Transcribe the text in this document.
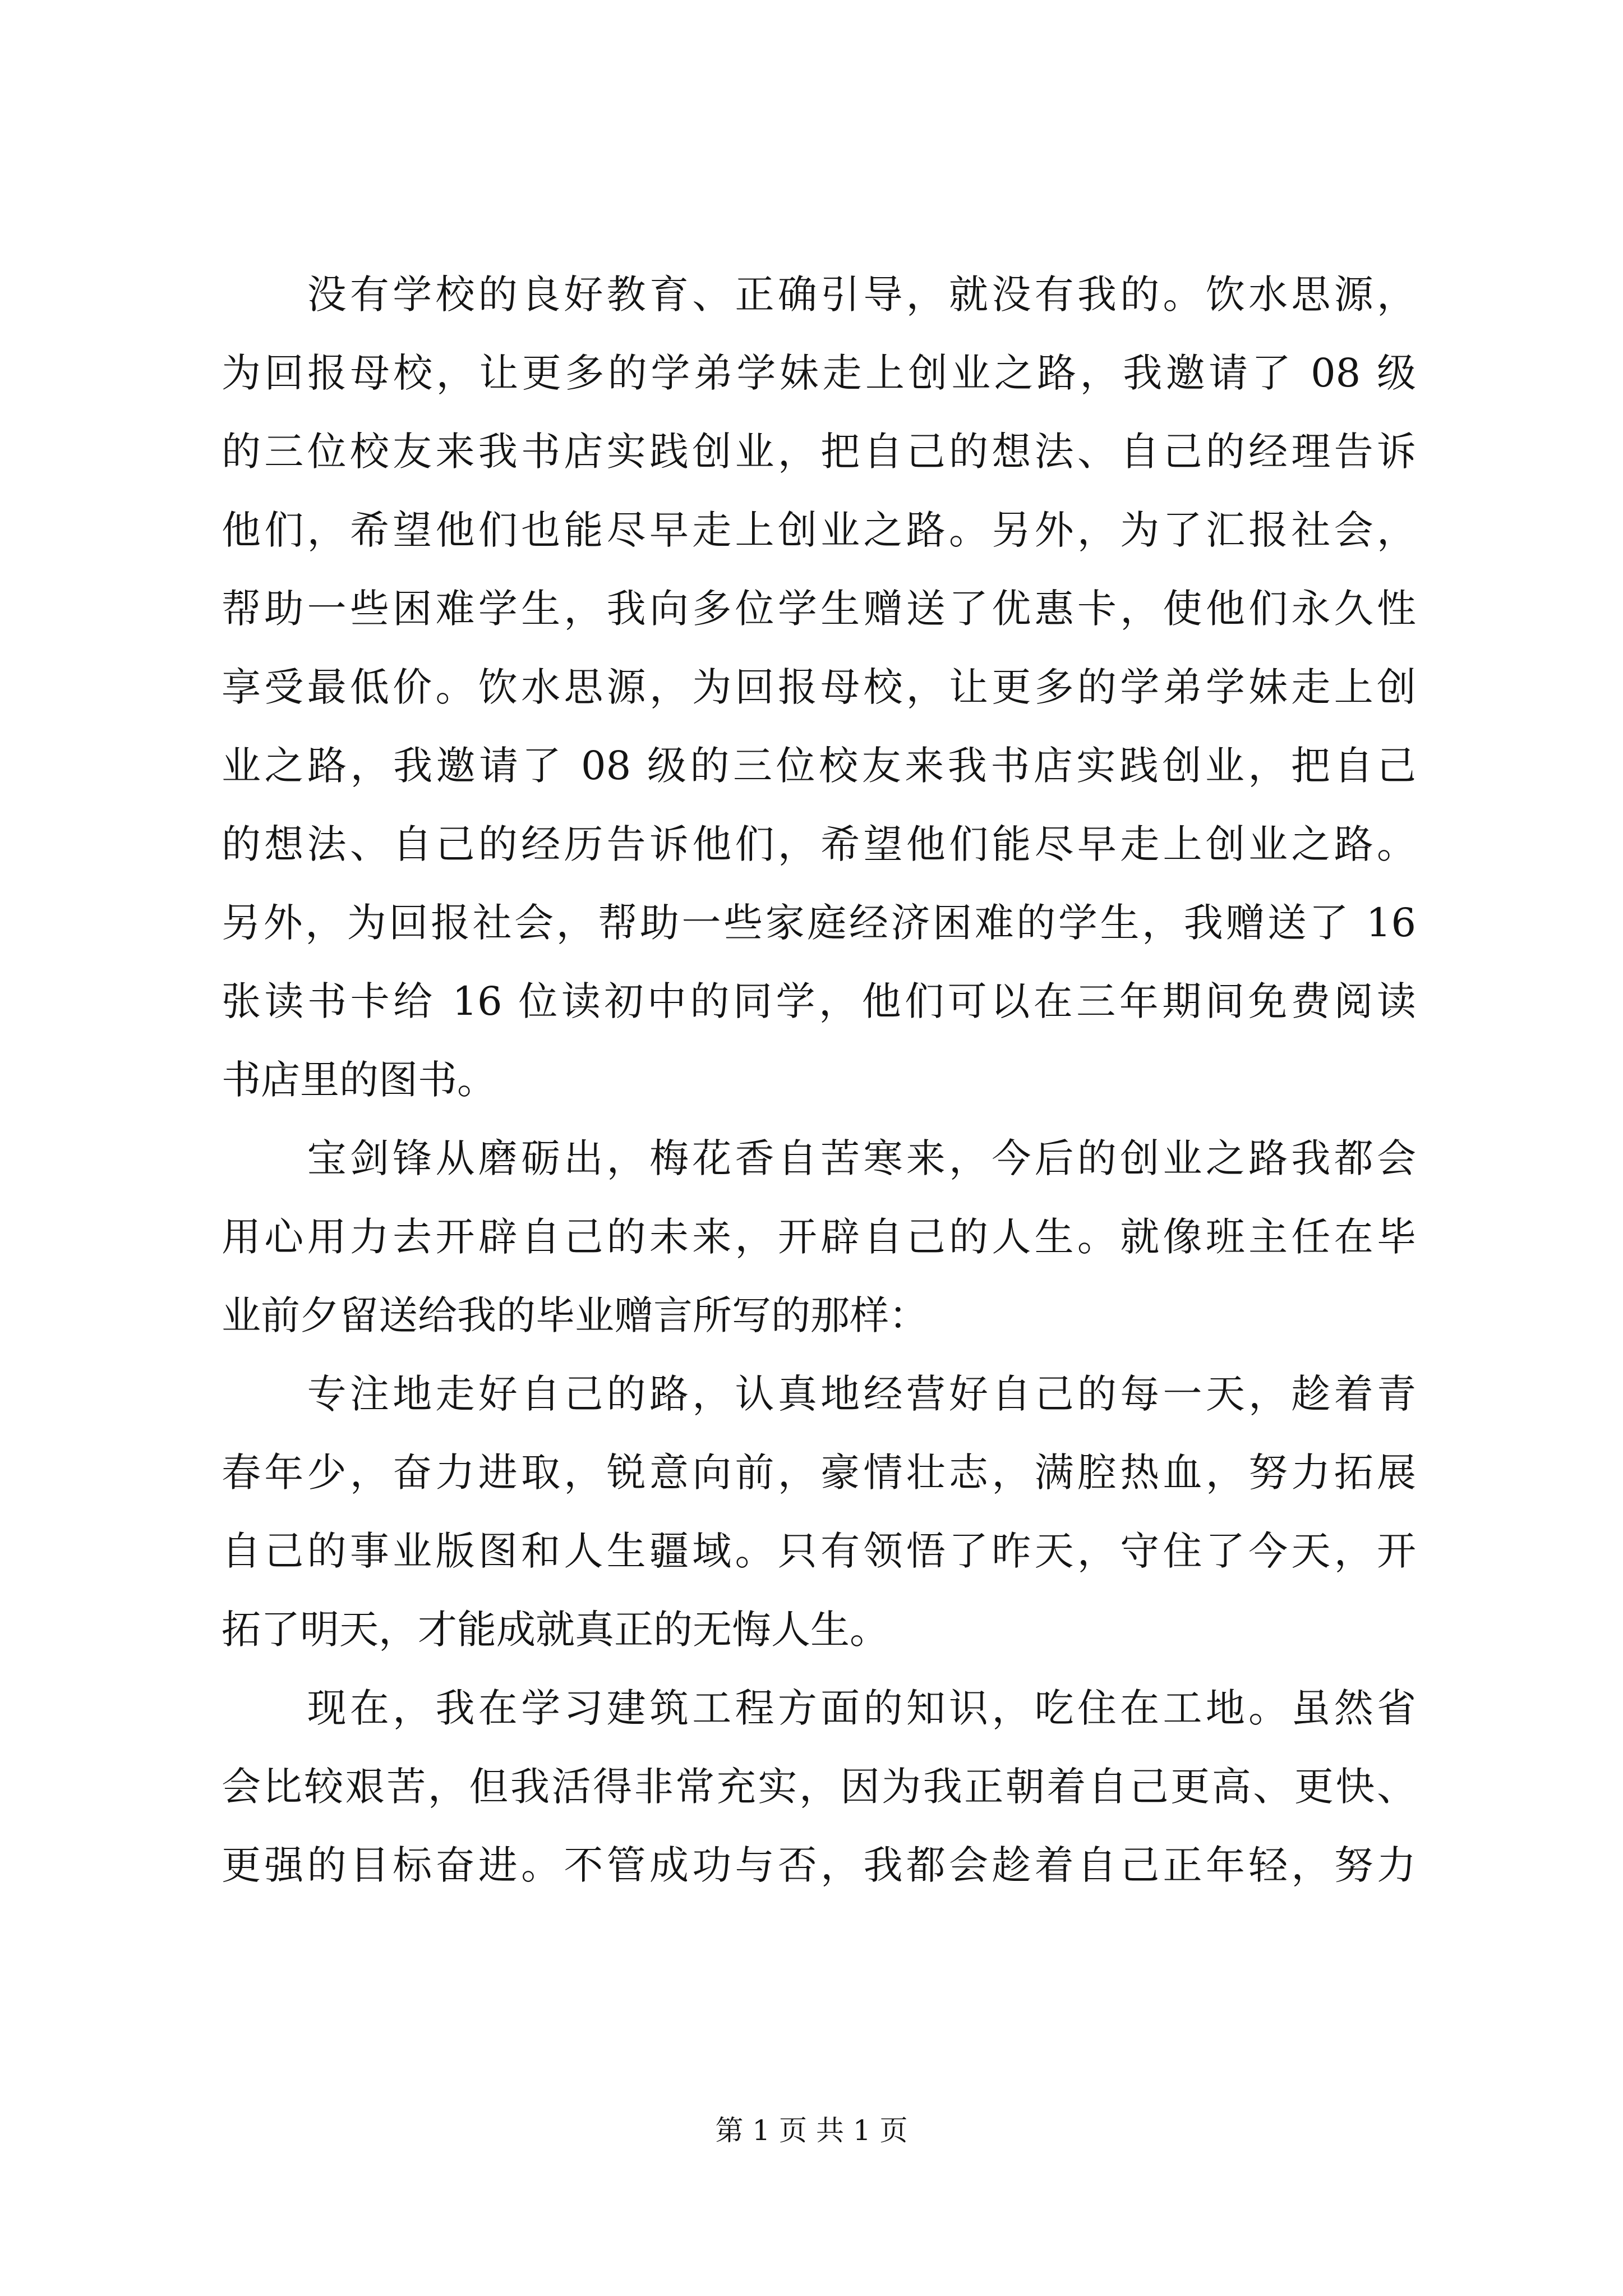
　　没有学校的良好教育、正确引导，就没有我的。饮水思源，
为回报母校，让更多的学弟学妹走上创业之路，我邀请了 08 级
的三位校友来我书店实践创业，把自己的想法、自己的经理告诉
他们，希望他们也能尽早走上创业之路。另外，为了汇报社会，
帮助一些困难学生，我向多位学生赠送了优惠卡，使他们永久性
享受最低价。饮水思源，为回报母校，让更多的学弟学妹走上创
业之路，我邀请了 08 级的三位校友来我书店实践创业，把自己
的想法、自己的经历告诉他们，希望他们能尽早走上创业之路。
另外，为回报社会，帮助一些家庭经济困难的学生，我赠送了 16
张读书卡给 16 位读初中的同学，他们可以在三年期间免费阅读
书店里的图书。
　　宝剑锋从磨砺出，梅花香自苦寒来，今后的创业之路我都会
用心用力去开辟自己的未来，开辟自己的人生。就像班主任在毕
业前夕留送给我的毕业赠言所写的那样：
　　专注地走好自己的路，认真地经营好自己的每一天，趁着青
春年少，奋力进取，锐意向前，豪情壮志，满腔热血，努力拓展
自己的事业版图和人生疆域。只有领悟了昨天，守住了今天，开
拓了明天，才能成就真正的无悔人生。
　　现在，我在学习建筑工程方面的知识，吃住在工地。虽然省
会比较艰苦，但我活得非常充实，因为我正朝着自己更高、更快、
更强的目标奋进。不管成功与否，我都会趁着自己正年轻，努力
第 1 页 共 1 页
